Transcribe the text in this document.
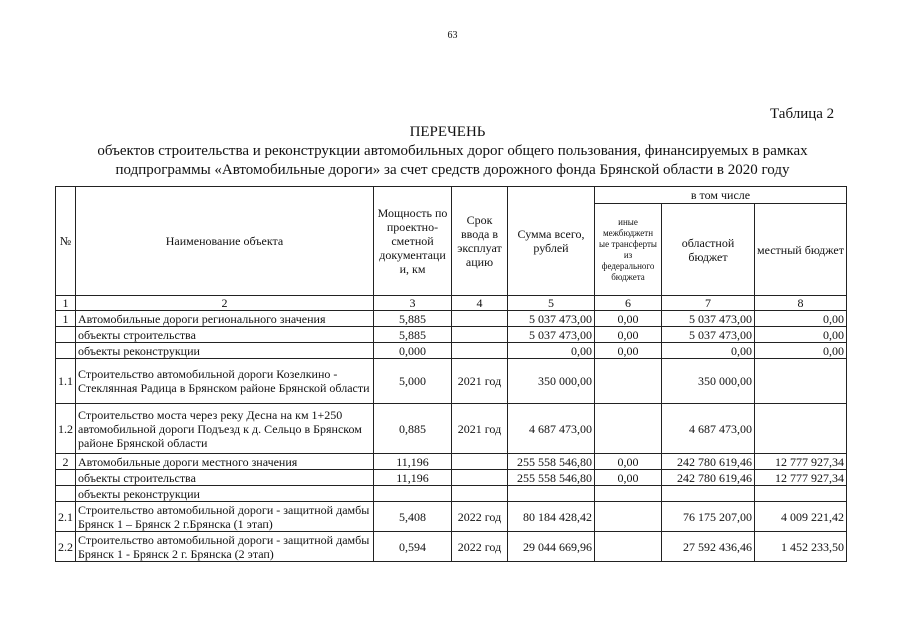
63
Таблица 2
ПЕРЕЧЕНЬ
объектов строительства и реконструкции автомобильных дорог общего пользования, финансируемых в рамках
подпрограммы «Автомобильные дороги» за счет средств дорожного фонда Брянской области в 2020 году
№	Наименование объекта	Мощность по проектно-сметной документаци и, км	Срок ввода в эксплуат ацию	Сумма всего, рублей	в том числе		
					иные межбюджетн ые трансферты из федерального бюджета	областной бюджет	местный бюджет
1	2	3	4	5	6	7	8
1	Автомобильные дороги регионального значения	5,885		5 037 473,00	0,00	5 037 473,00	0,00
	объекты строительства	5,885		5 037 473,00	0,00	5 037 473,00	0,00
	объекты реконструкции	0,000		0,00	0,00	0,00	0,00
1.1	Строительство автомобильной дороги Козелкино - Стеклянная Радица в Брянском районе Брянской области	5,000	2021 год	350 000,00		350 000,00	
1.2	Строительство моста через реку Десна на км 1+250 автомобильной дороги Подъезд к д. Сельцо в Брянском районе Брянской области	0,885	2021 год	4 687 473,00		4 687 473,00	
2	Автомобильные дороги местного значения	11,196		255 558 546,80	0,00	242 780 619,46	12 777 927,34
	объекты строительства	11,196		255 558 546,80	0,00	242 780 619,46	12 777 927,34
	объекты реконструкции						
2.1	Строительство автомобильной дороги - защитной дамбы Брянск 1 – Брянск 2 г.Брянска (1 этап)	5,408	2022 год	80 184 428,42		76 175 207,00	4 009 221,42
2.2	Строительство автомобильной дороги - защитной дамбы Брянск 1 - Брянск 2 г. Брянска (2 этап)	0,594	2022 год	29 044 669,96		27 592 436,46	1 452 233,50
